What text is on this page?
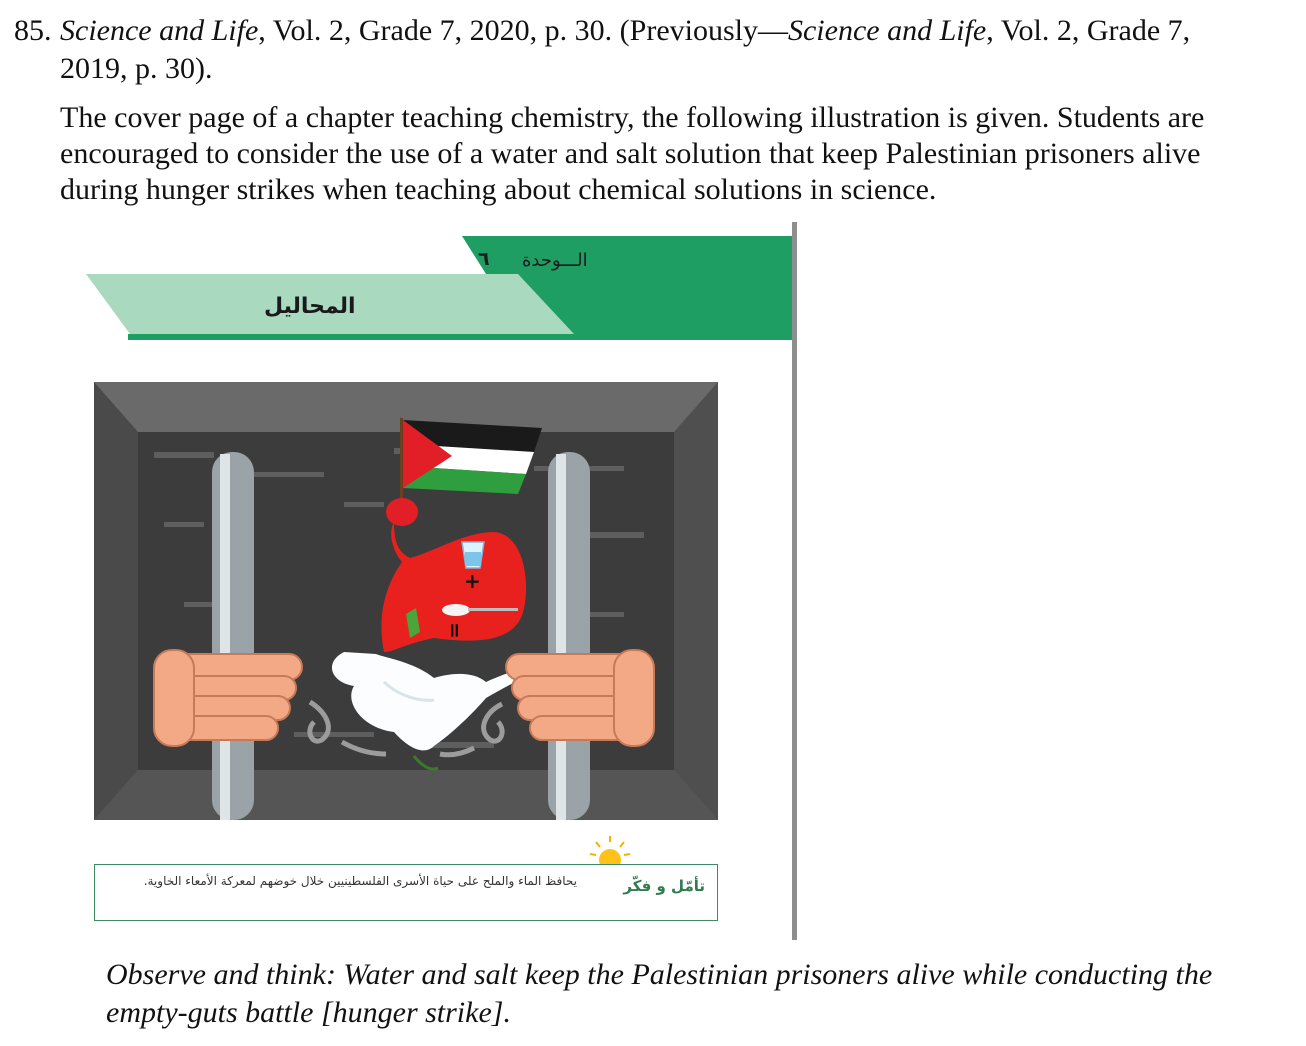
85. Science and Life, Vol. 2, Grade 7, 2020, p. 30. (Previously—Science and Life, Vol. 2, Grade 7,
2019, p. 30).
The cover page of a chapter teaching chemistry, the following illustration is given. Students are encouraged to consider the use of a water and salt solution that keep Palestinian prisoners alive during hunger strikes when teaching about chemical solutions in science.
الـــوحدة
٦
المحاليل
+
=
تأمّل و فكّر
يحافظ الماء والملح على حياة الأسرى الفلسطينيين خلال خوضهم لمعركة الأمعاء الخاوية.
Observe and think: Water and salt keep the Palestinian prisoners alive while conducting the empty-guts battle [hunger strike].
